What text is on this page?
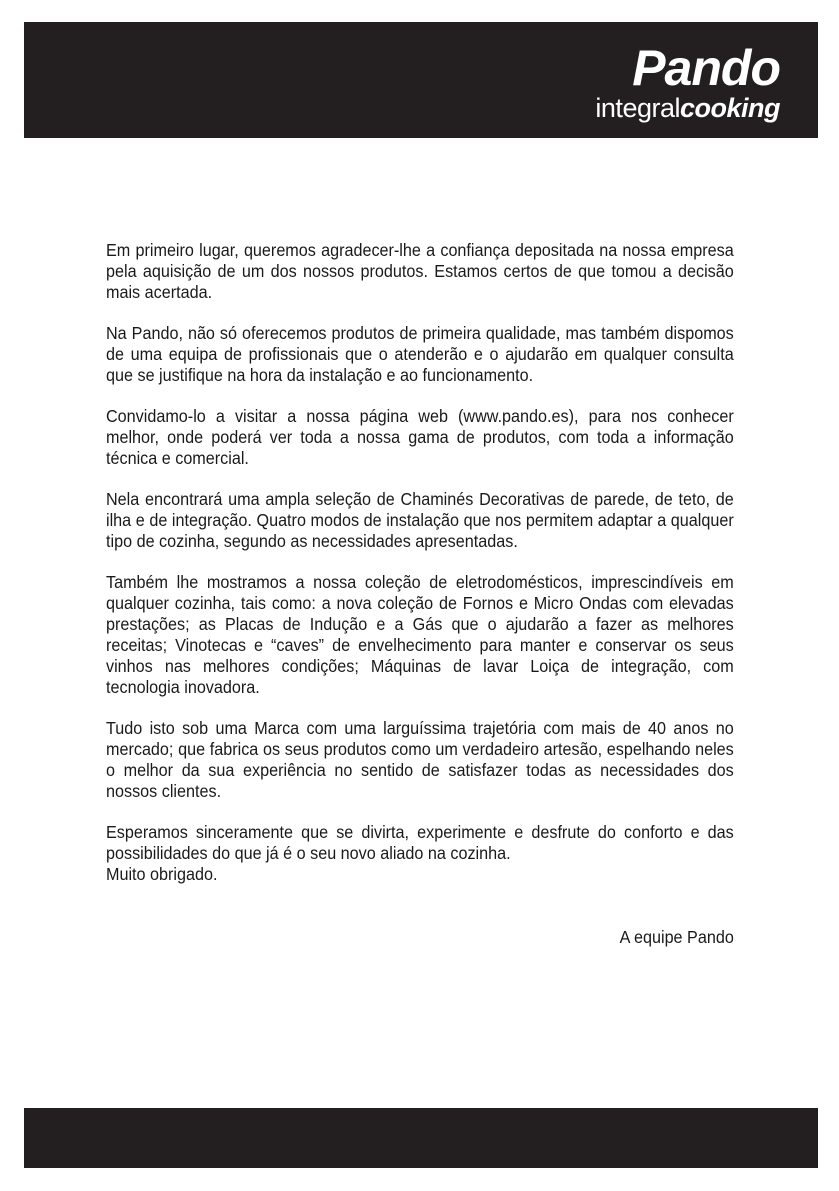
Pando
integralcooking

Em primeiro lugar, queremos agradecer-lhe a confiança depositada na nossa empresa pela aquisição de um dos nossos produtos. Estamos certos de que tomou a decisão mais acertada.

Na Pando, não só oferecemos produtos de primeira qualidade, mas também dispomos de uma equipa de profissionais que o atenderão e o ajudarão em qualquer consulta que se justifique na hora da instalação e ao funcionamento.

Convidamo-lo a visitar a nossa página web (www.pando.es), para nos conhecer melhor, onde poderá ver toda a nossa gama de produtos, com toda a informação técnica e comercial.

Nela encontrará uma ampla seleção de Chaminés Decorativas de parede, de teto, de ilha e de integração. Quatro modos de instalação que nos permitem adaptar a qualquer tipo de cozinha, segundo as necessidades apresentadas.

Também lhe mostramos a nossa coleção de eletrodomésticos, imprescindíveis em qualquer cozinha, tais como: a nova coleção de Fornos e Micro Ondas com elevadas prestações; as Placas de Indução e a Gás que o ajudarão a fazer as melhores receitas; Vinotecas e “caves” de envelhecimento para manter e conservar os seus vinhos nas melhores condições; Máquinas de lavar Loiça de integração, com tecnologia inovadora.

Tudo isto sob uma Marca com uma larguíssima trajetória com mais de 40 anos no mercado; que fabrica os seus produtos como um verdadeiro artesão, espelhando neles o melhor da sua experiência no sentido de satisfazer todas as necessidades dos nossos clientes.

Esperamos sinceramente que se divirta, experimente e desfrute do conforto e das possibilidades do que já é o seu novo aliado na cozinha.

Muito obrigado.

A equipe Pando
